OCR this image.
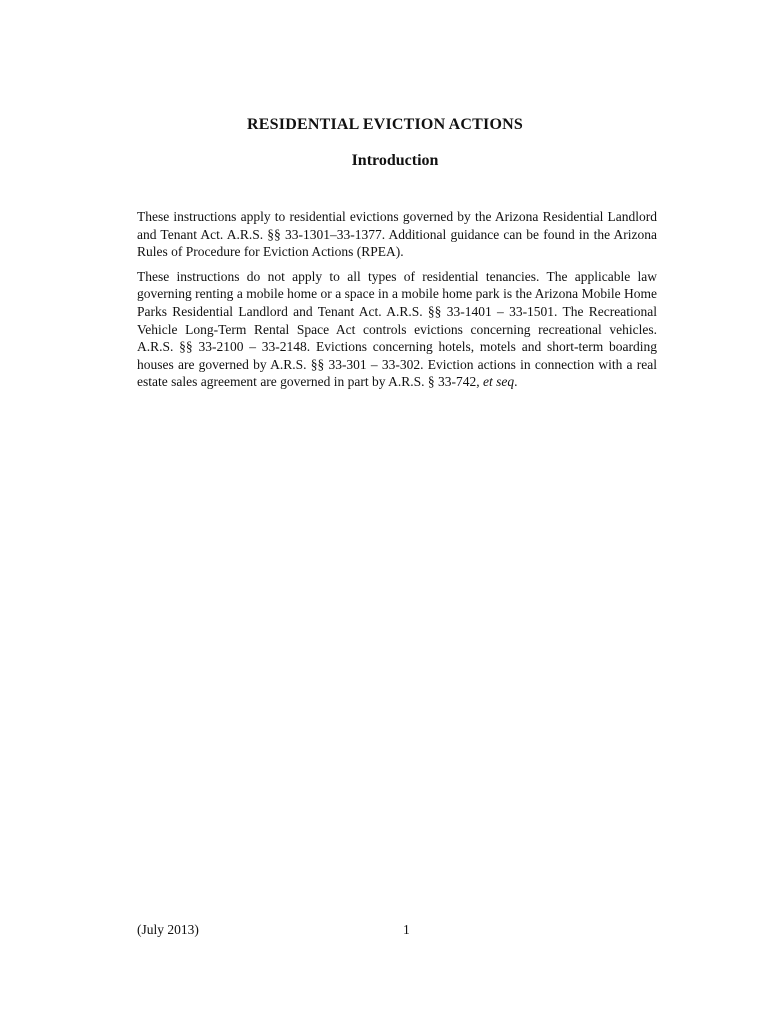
RESIDENTIAL EVICTION ACTIONS
Introduction

These instructions apply to residential evictions governed by the Arizona Residential Landlord and Tenant Act. A.R.S. §§ 33-1301–33-1377. Additional guidance can be found in the Arizona Rules of Procedure for Eviction Actions (RPEA).

These instructions do not apply to all types of residential tenancies. The applicable law governing renting a mobile home or a space in a mobile home park is the Arizona Mobile Home Parks Residential Landlord and Tenant Act. A.R.S. §§ 33-1401 – 33-1501. The Recreational Vehicle Long-Term Rental Space Act controls evictions concerning recreational vehicles. A.R.S. §§ 33-2100 – 33-2148. Evictions concerning hotels, motels and short-term boarding houses are governed by A.R.S. §§ 33-301 – 33-302. Eviction actions in connection with a real estate sales agreement are governed in part by A.R.S. § 33-742, et seq.

(July 2013)	1
